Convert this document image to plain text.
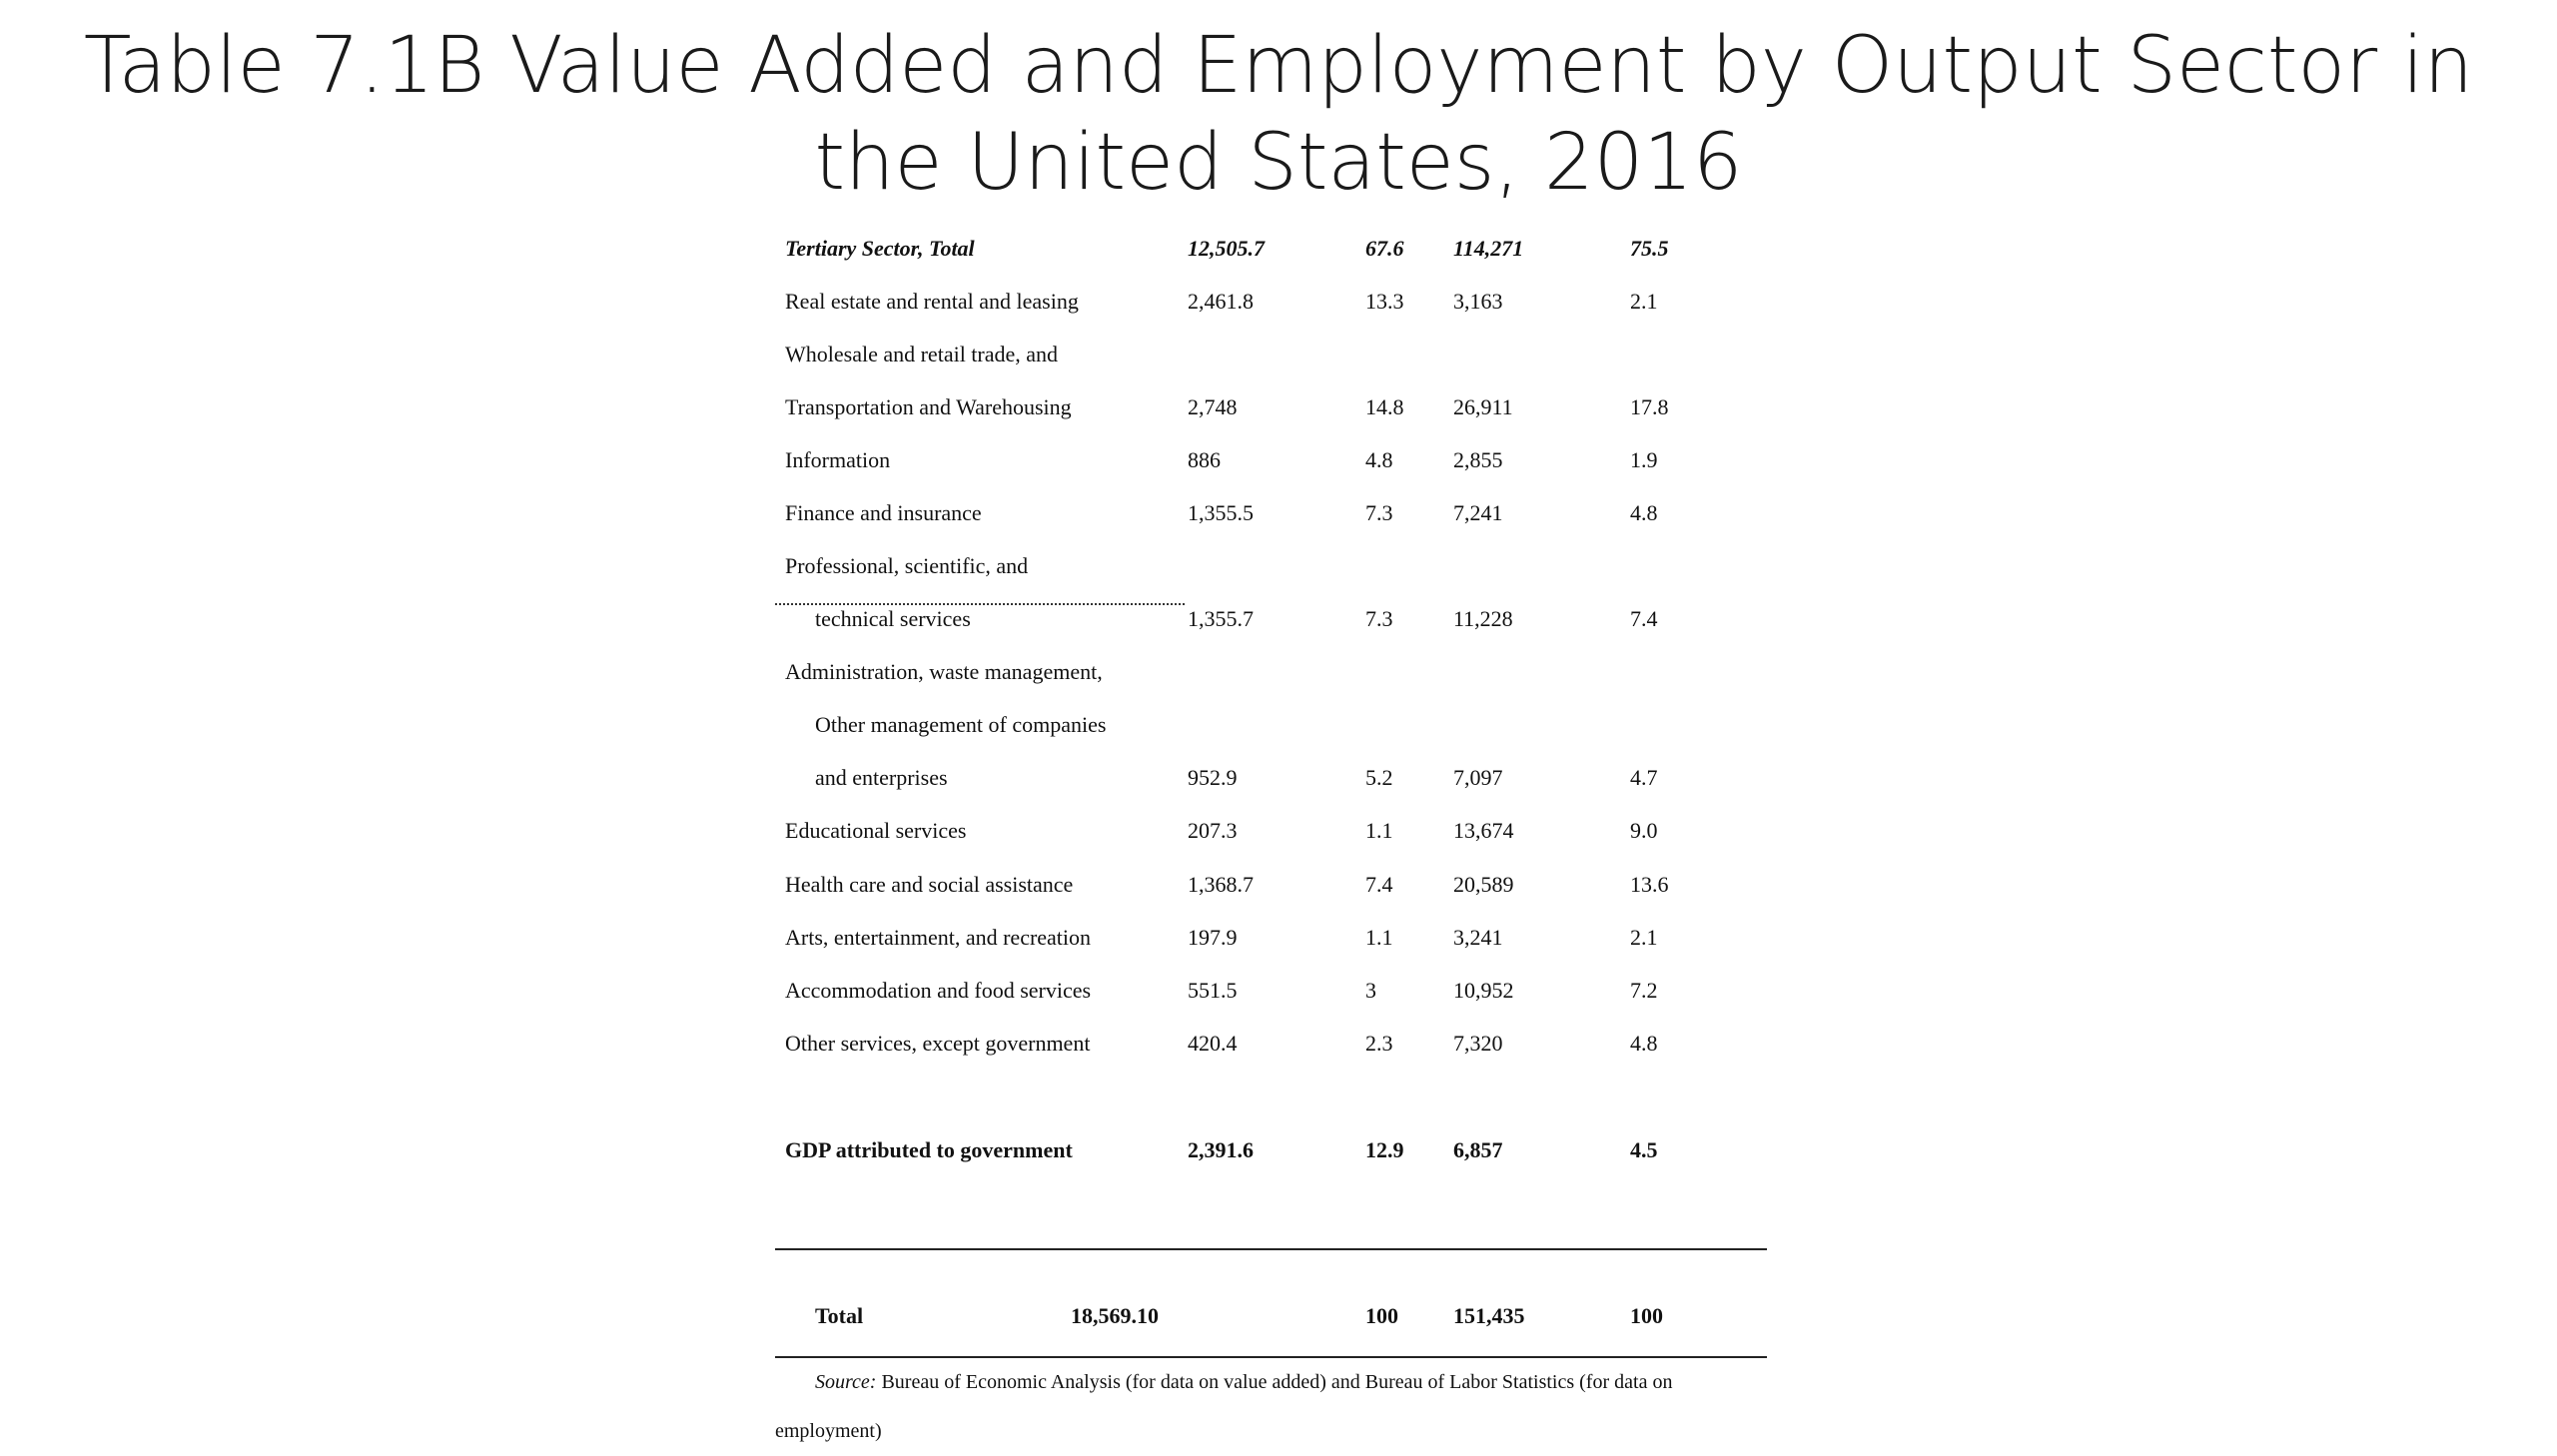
Table 7.1B Value Added and Employment by Output Sector in
the United States, 2016
Tertiary Sector, Total	12,505.7	67.6 114,271	75.5
Real estate and rental and leasing	2,461.8	13.3 3,163	2.1
Wholesale and retail trade, and
Transportation and Warehousing	2,748	14.8 26,911	17.8
Information	886	4.8	2,855	1.9
Finance and insurance	1,355.5	7.3	7,241	4.8
Professional, scientific, and
technical services	1,355.7	7.3	11,228	7.4
Administration, waste management,
Other management of companies
and enterprises	952.9	5.2	7,097	4.7
Educational services	207.3	1.1	13,674	9.0
Health care and social assistance	1,368.7	7.4	20,589	13.6
Arts, entertainment, and recreation	197.9	1.1	3,241	2.1
Accommodation and food services	551.5	3	10,952	7.2
Other services, except government	420.4	2.3	7,320	4.8
GDP attributed to government	2,391.6	12.9 6,857	4.5
Total	18,569.10	100	151,435	100
Source: Bureau of Economic Analysis (for data on value added) and Bureau of Labor Statistics (for data on
employment)
